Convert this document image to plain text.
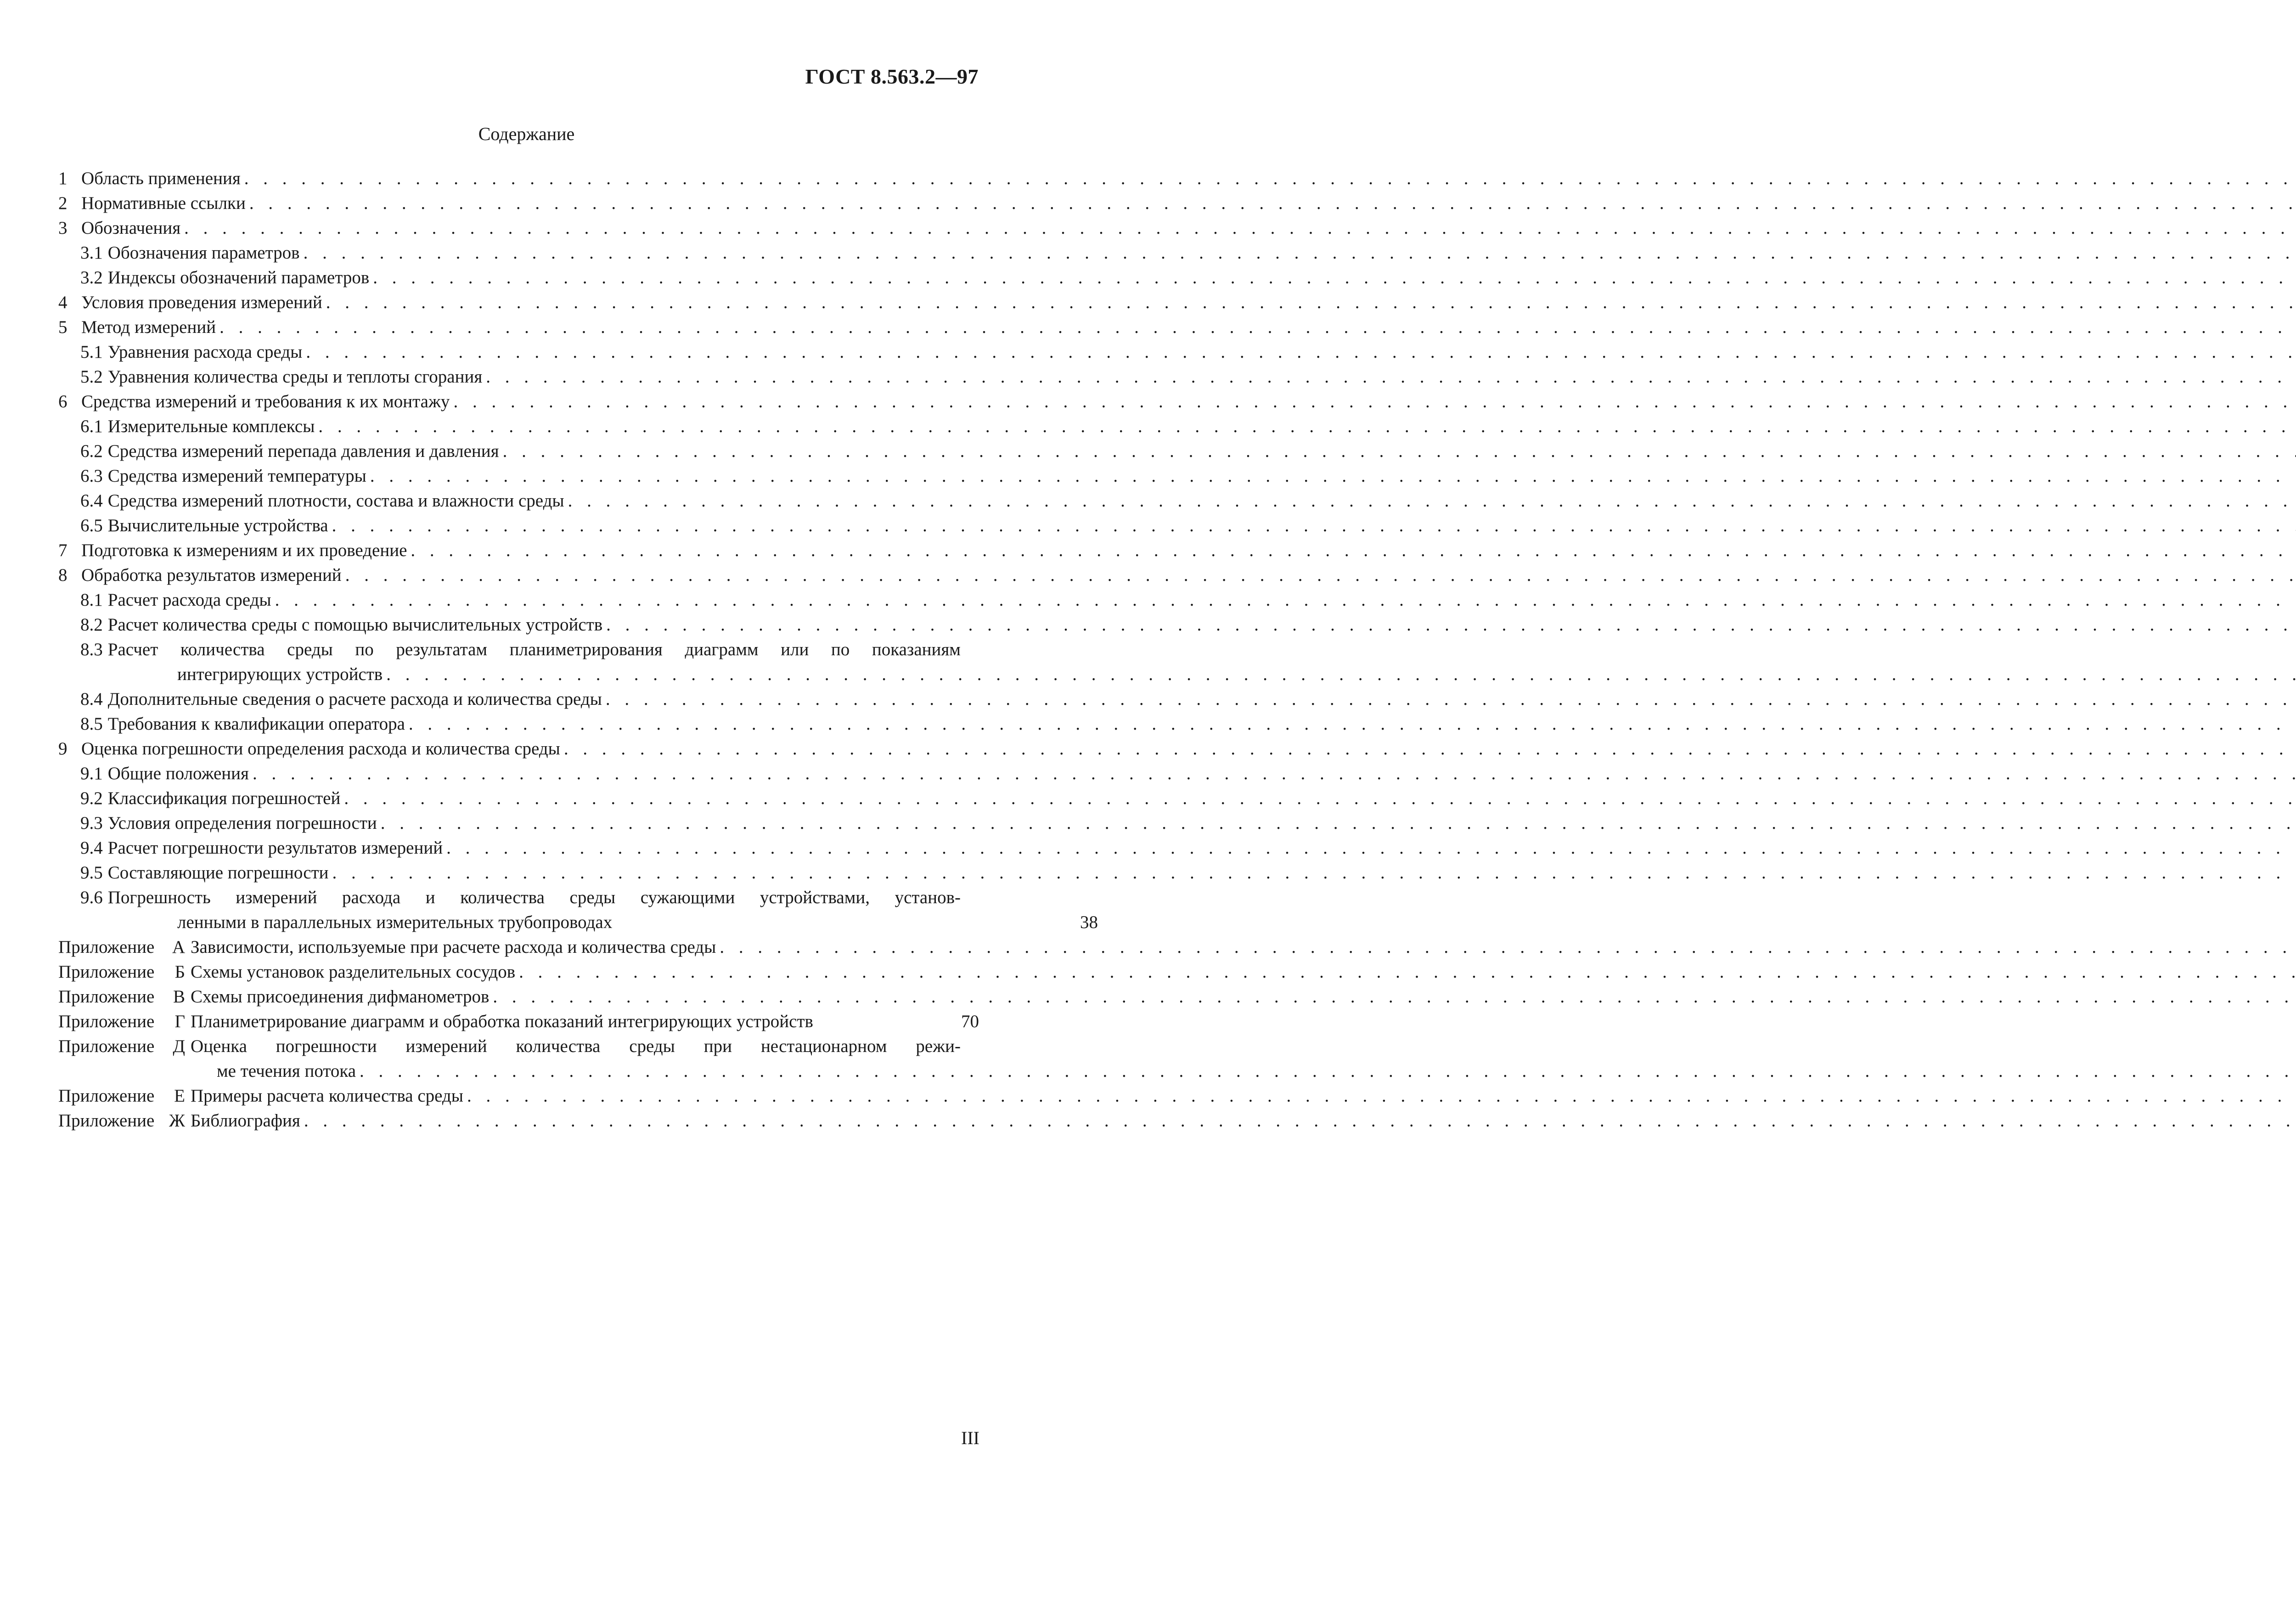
ГОСТ 8.563.2—97
Содержание
1 Область применения
. . .
2 Нормативные ссылки
. . .
3 Обозначения
. . .
3.1 Обозначения параметров
. . .
3.2 Индексы обозначений параметров
. . .
4 Условия проведения измерений
. . .
5 Метод измерений
. . .
5.1 Уравнения расхода среды
. . .
5.2 Уравнения количества среды и теплоты сгорания
. . .
6 Средства измерений и требования к их монтажу
. . .
6.1 Измерительные комплексы
. . .
6.2 Средства измерений перепада давления и давления
. . .
6.3 Средства измерений температуры
. . .
6.4 Средства измерений плотности, состава и влажности среды
. . .
6.5 Вычислительные устройства
. . .
7 Подготовка к измерениям и их проведение
. . .
8 Обработка результатов измерений
. . .
8.1 Расчет расхода среды
. . .
8.2 Расчет количества среды с помощью вычислительных устройств
. . .
8.3 Расчет количества среды по результатам планиметрирования диаграмм или по показаниям
интегрирующих устройств
. . .
8.4 Дополнительные сведения о расчете расхода и количества среды
. . .
8.5 Требования к квалификации оператора
. . .
9 Оценка погрешности определения расхода и количества среды
. . .
9.1 Общие положения
. . .
9.2 Классификация погрешностей
. . .
9.3 Условия определения погрешности
. . .
9.4 Расчет погрешности результатов измерений
. . .
9.5 Составляющие погрешности
. . .
9.6 Погрешность измерений расхода и количества среды сужающими устройствами, установ-
ленными в параллельных измерительных трубопроводах	38
Приложение А Зависимости, используемые при расчете расхода и количества среды
. . .
Приложение Б Схемы установок разделительных сосудов
. . .
Приложение В Схемы присоединения дифманометров
. . .
Приложение Г Планиметрирование диаграмм и обработка показаний интегрирующих устройств	70
Приложение Д Оценка погрешности измерений количества среды при нестационарном режи-
ме течения потока
. . .
Приложение Е Примеры расчета количества среды
. . .
Приложение Ж Библиография
. . .
III
